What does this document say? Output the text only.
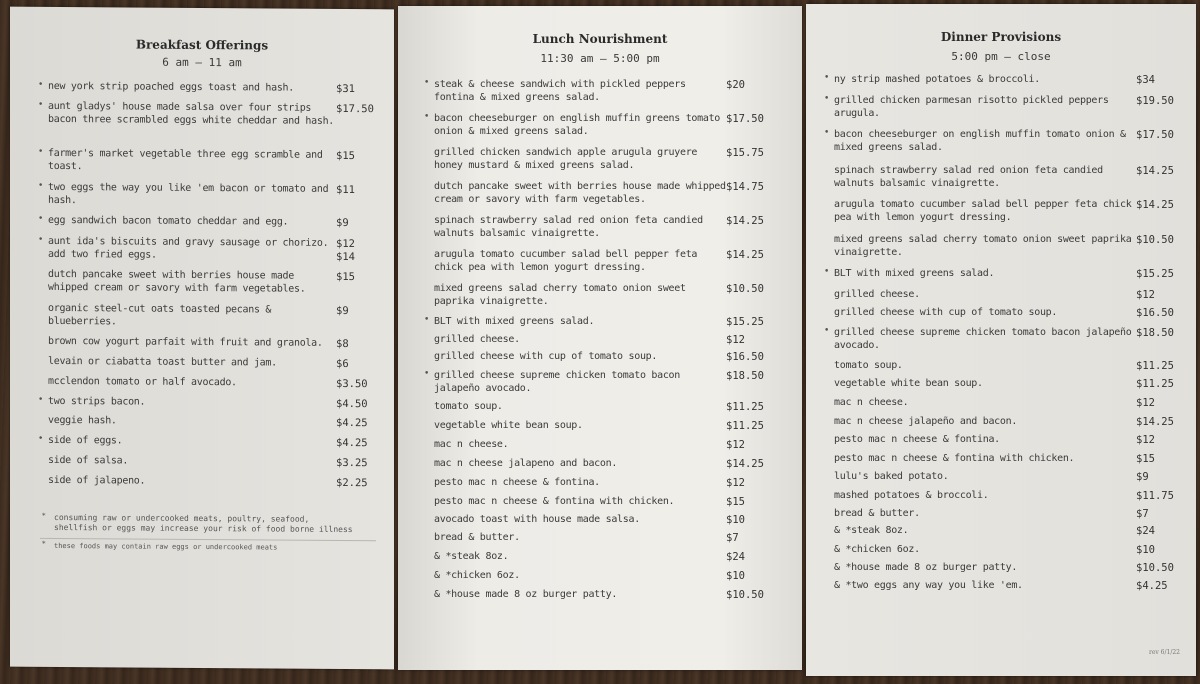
Breakfast Offerings
6 am – 11 am
• new york strip poached eggs toast and hash.	$31
• aunt gladys' house made salsa over four strips bacon three scrambled eggs white cheddar and hash.
$17.50
• farmer's market vegetable three egg scramble and toast.
$15
• two eggs the way you like 'em bacon or tomato and hash.
$11
• egg sandwich bacon tomato cheddar and egg.	$9
• aunt ida's biscuits and gravy sausage or chorizo. add two fried eggs.
$12
$14
dutch pancake sweet with berries house made whipped cream or savory with farm vegetables.
$15
organic steel-cut oats toasted pecans & blueberries.
$9
brown cow yogurt parfait with fruit and granola.	$8
levain or ciabatta toast butter and jam.	$6
mcclendon tomato or half avocado.	$3.50
• two strips bacon.	$4.50
veggie hash.	$4.25
• side of eggs.	$4.25
side of salsa.	$3.25
side of jalapeno.	$2.25
consuming raw or undercooked meats, poultry, seafood, shellfish or eggs may increase your risk of food borne illness
*
* these foods may contain raw eggs or undercooked meats
Lunch Nourishment
11:30 am – 5:00 pm
• steak & cheese sandwich with pickled peppers fontina & mixed greens salad.
$20
• bacon cheeseburger on english muffin greens tomato onion & mixed greens salad.
$17.50
grilled chicken sandwich apple arugula gruyere honey mustard & mixed greens salad.
$15.75
dutch pancake sweet with berries house made whipped cream or savory with farm vegetables.
$14.75
spinach strawberry salad red onion feta candied walnuts balsamic vinaigrette.
$14.25
arugula tomato cucumber salad bell pepper feta chick pea with lemon yogurt dressing.
$14.25
mixed greens salad cherry tomato onion sweet paprika vinaigrette.
$10.50
• BLT with mixed greens salad.	$15.25
grilled cheese.	$12
grilled cheese with cup of tomato soup.	$16.50
• grilled cheese supreme chicken tomato bacon jalapeño avocado.
$18.50
tomato soup.	$11.25
vegetable white bean soup.	$11.25
mac n cheese.	$12
mac n cheese jalapeno and bacon.	$14.25
pesto mac n cheese & fontina.	$12
pesto mac n cheese & fontina with chicken.	$15
avocado toast with house made salsa.	$10
bread & butter.	$7
& *steak 8oz.	$24
& *chicken 6oz.	$10
& *house made 8 oz burger patty.	$10.50
Dinner Provisions
5:00 pm – close
• ny strip mashed potatoes & broccoli.	$34
• grilled chicken parmesan risotto pickled peppers arugula.
$19.50
• bacon cheeseburger on english muffin tomato onion & mixed greens salad.
$17.50
spinach strawberry salad red onion feta candied walnuts balsamic vinaigrette.
$14.25
arugula tomato cucumber salad bell pepper feta chick pea with lemon yogurt dressing.
$14.25
mixed greens salad cherry tomato onion sweet paprika vinaigrette.
$10.50
• BLT with mixed greens salad.	$15.25
grilled cheese.	$12
grilled cheese with cup of tomato soup.	$16.50
• grilled cheese supreme chicken tomato bacon jalapeño avocado.
$18.50
tomato soup.	$11.25
vegetable white bean soup.	$11.25
mac n cheese.	$12
mac n cheese jalapeño and bacon.	$14.25
pesto mac n cheese & fontina.	$12
pesto mac n cheese & fontina with chicken.	$15
lulu's baked potato.	$9
mashed potatoes & broccoli.	$11.75
bread & butter.	$7
& *steak 8oz.	$24
& *chicken 6oz.	$10
& *house made 8 oz burger patty.	$10.50
& *two eggs any way you like 'em.	$4.25
rev 6/1/22
